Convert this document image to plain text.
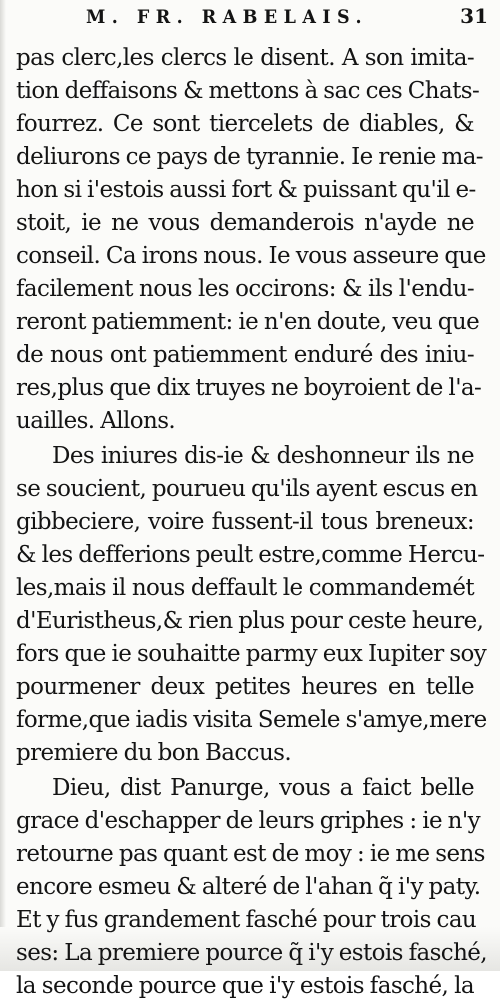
M. FR. RABELAIS.	31
pas clerc,les clercs le disent. A son imita-
tion deffaisons & mettons à sac ces Chats-
fourrez. Ce sont tiercelets de diables, &
deliurons ce pays de tyrannie. Ie renie ma-
hon si i'estois aussi fort & puissant qu'il e-
stoit, ie ne vous demanderois n'ayde ne
conseil. Ca irons nous. Ie vous asseure que
facilement nous les occirons: & ils l'endu-
reront patiemment: ie n'en doute, veu que
de nous ont patiemment enduré des iniu-
res,plus que dix truyes ne boyroient de l'a-
uailles. Allons.
Des iniures dis-ie & deshonneur ils ne
se soucient, pourueu qu'ils ayent escus en
gibbeciere, voire fussent-il tous breneux:
& les defferions peult estre,comme Hercu-
les,mais il nous deffault le commandemét
d'Euristheus,& rien plus pour ceste heure,
fors que ie souhaitte parmy eux Iupiter soy
pourmener deux petites heures en telle
forme,que iadis visita Semele s'amye,mere
premiere du bon Baccus.
Dieu, dist Panurge, vous a faict belle
grace d'eschapper de leurs griphes : ie n'y
retourne pas quant est de moy : ie me sens
encore esmeu & alteré de l'ahan q̃ i'y paty.
Et y fus grandement fasché pour trois cau
ses: La premiere pource q̃ i'y estois fasché,
la seconde pource que i'y estois fasché, la
